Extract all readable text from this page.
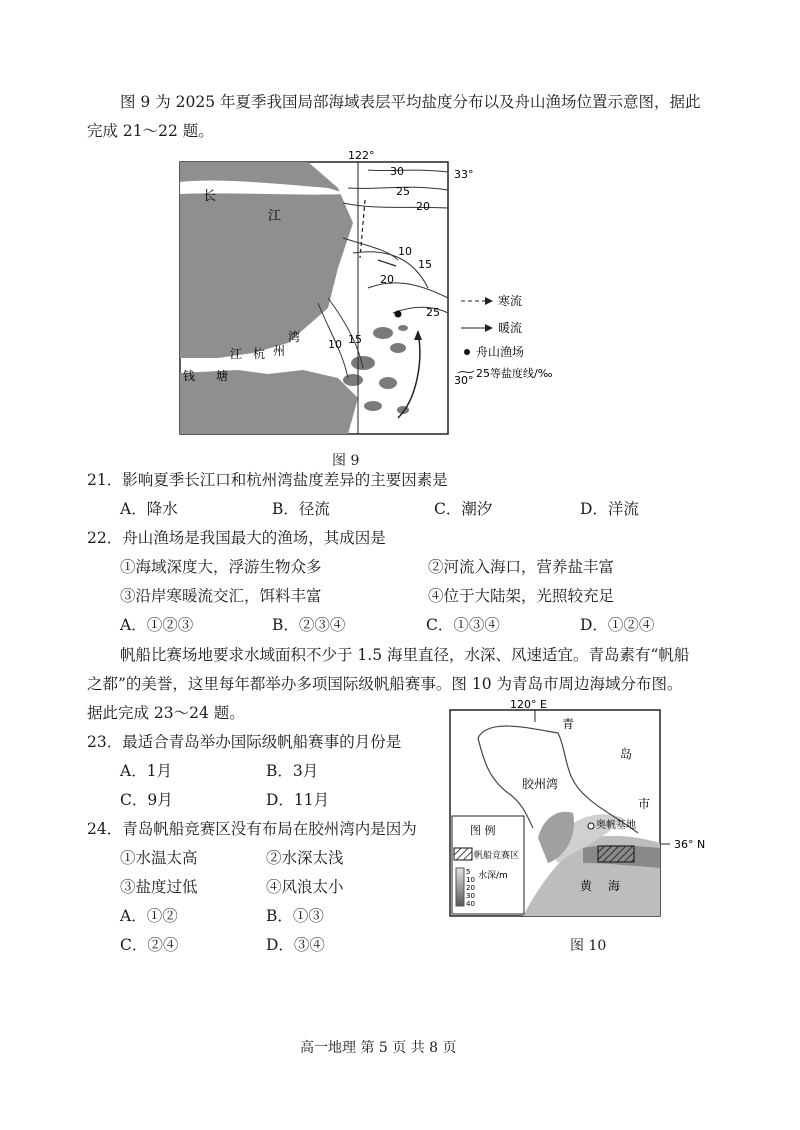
图 9 为 2025 年夏季我国局部海域表层平均盐度分布以及舟山渔场位置示意图，据此
完成 21～22 题。
122°
33°
30°
30
25
20
10
15
20
25
10 15
长
江
湾
州
江 杭
钱 塘
寒流
暖流
舟山渔场
25等盐度线/‰
图 9
21．影响夏季长江口和杭州湾盐度差异的主要因素是
A．降水	B．径流	C．潮汐	D．洋流
22．舟山渔场是我国最大的渔场，其成因是
①海域深度大，浮游生物众多	②河流入海口，营养盐丰富
③沿岸寒暖流交汇，饵料丰富	④位于大陆架，光照较充足
A．①②③	B．②③④	C．①③④	D．①②④
帆船比赛场地要求水域面积不少于 1.5 海里直径，水深、风速适宜。青岛素有“帆船
之都”的美誉，这里每年都举办多项国际级帆船赛事。图 10 为青岛市周边海域分布图。
据此完成 23～24 题。
23．最适合青岛举办国际级帆船赛事的月份是
A．1月	B．3月
C．9月	D．11月
24．青岛帆船竞赛区没有布局在胶州湾内是因为
①水温太高	②水深太浅
③盐度过低	④风浪太小
A．①②	B．①③
C．②④	D．③④
120° E
36° N
青
岛
市
胶州湾
奥帆基地
黄 海
图 例
帆船竞赛区
水深/m
5
10
20
30
40
图 10
高一地理 第 5 页 共 8 页
